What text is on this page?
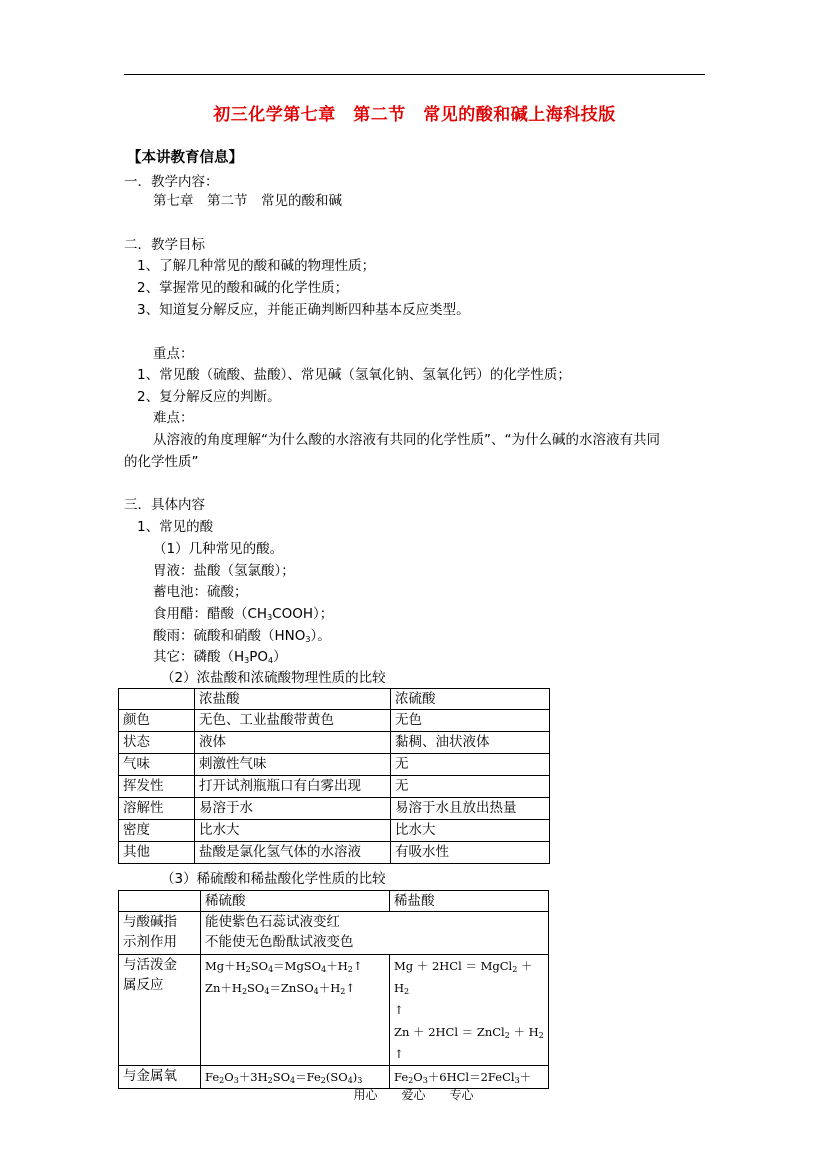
初三化学第七章　第二节　常见的酸和碱上海科技版
【本讲教育信息】
一．教学内容：
第七章　第二节　常见的酸和碱
二．教学目标
1、了解几种常见的酸和碱的物理性质；
2、掌握常见的酸和碱的化学性质；
3、知道复分解反应，并能正确判断四种基本反应类型。
重点：
1、常见酸（硫酸、盐酸）、常见碱（氢氧化钠、氢氧化钙）的化学性质；
2、复分解反应的判断。
难点：
从溶液的角度理解“为什么酸的水溶液有共同的化学性质”、“为什么碱的水溶液有共同
的化学性质”
三．具体内容
1、常见的酸
（1）几种常见的酸。
胃液：盐酸（氢氯酸）；
蓄电池：硫酸；
食用醋：醋酸$(CH_3COOH)$；
酸雨：硫酸和硝酸$(HNO_3)$。
其它：磷酸$(H_3PO_4)$
（2）浓盐酸和浓硫酸物理性质的比较
	浓盐酸	浓硫酸
颜色	无色、工业盐酸带黄色	无色
状态	液体	黏稠、油状液体
气味	刺激性气味	无
挥发性	打开试剂瓶瓶口有白雾出现	无
溶解性	易溶于水	易溶于水且放出热量
密度	比水大	比水大
其他	盐酸是氯化氢气体的水溶液	有吸水性
（3）稀硫酸和稀盐酸化学性质的比较
	稀硫酸	稀盐酸
与酸碱指
示剂作用	能使紫色石蕊试液变红
不能使无色酚酞试液变色	
与活泼金
属反应	$Mg+H_2SO_4=MgSO_4+H_2↑$
$Zn+H_2SO_4=ZnSO_4+H_2↑$	Mg ＋ 2HCl ＝ MgCl$_2$ ＋ $H_2$
↑
Zn ＋ 2HCl ＝ ZnCl$_2$ ＋ $H_2$
↑
与金属氧	$Fe_2O_3+3H_2SO_4=Fe_2(SO_4)_3$	$Fe_2O_3+6HCl=2FeCl_3+$
用心　　爱心　　专心
